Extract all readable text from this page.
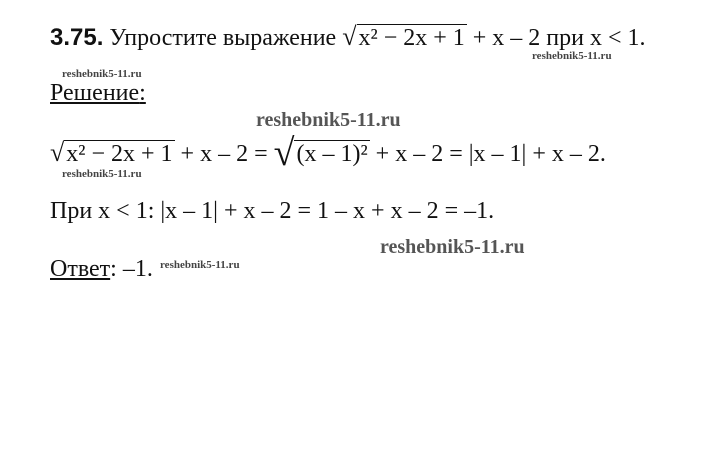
3.75. Упростите выражение √x² − 2x + 1 + x – 2 при x < 1.
Решение:
√x² − 2x + 1 + x – 2 = √(x – 1)² + x – 2 = |x – 1| + x – 2.
При x < 1: |x – 1| + x – 2 = 1 – x + x – 2 = –1.
Ответ: –1.
reshebnik5-11.ru
reshebnik5-11.ru
reshebnik5-11.ru
reshebnik5-11.ru
reshebnik5-11.ru
reshebnik5-11.ru
